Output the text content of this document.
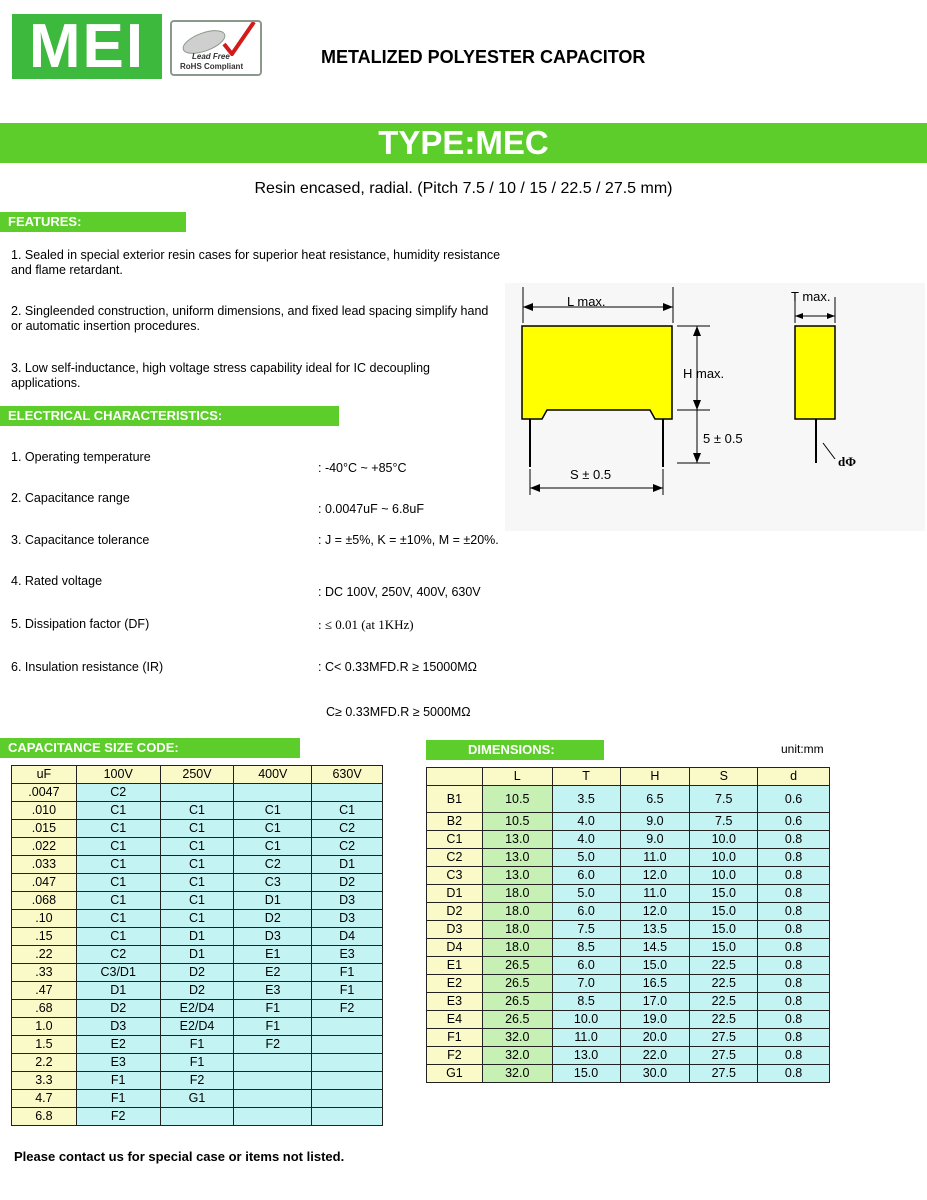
MEI	Lead Free
RoHS Compliant	METALIZED POLYESTER CAPACITOR
TYPE:MEC
Resin encased, radial. (Pitch 7.5 / 10 / 15 / 22.5 / 27.5 mm)
FEATURES:
1. Sealed in special exterior resin cases for superior heat resistance, humidity resistance and flame retardant.
2. Singleended construction, uniform dimensions, and fixed lead spacing simplify hand or automatic insertion procedures.
3. Low self-inductance, high voltage stress capability ideal for IC decoupling applications.
L max.
H max.
5 ± 0.5
S ± 0.5
T max.
dΦ
ELECTRICAL CHARACTERISTICS:
1. Operating temperature
: -40°C ~ +85°C
2. Capacitance range
: 0.0047uF ~ 6.8uF
3. Capacitance tolerance	: J = ±5%, K = ±10%, M = ±20%.
4. Rated voltage
: DC 100V, 250V, 400V, 630V
5. Dissipation factor (DF)	: ≤ 0.01 (at 1KHz)
6. Insulation resistance (IR)	: C< 0.33MFD.R ≥ 15000MΩ
C≥ 0.33MFD.R ≥ 5000MΩ
CAPACITANCE SIZE CODE:
uF	100V	250V	400V	630V
.0047	C2			
.010	C1	C1	C1	C1
.015	C1	C1	C1	C2
.022	C1	C1	C1	C2
.033	C1	C1	C2	D1
.047	C1	C1	C3	D2
.068	C1	C1	D1	D3
.10	C1	C1	D2	D3
.15	C1	D1	D3	D4
.22	C2	D1	E1	E3
.33	C3/D1	D2	E2	F1
.47	D1	D2	E3	F1
.68	D2	E2/D4	F1	F2
1.0	D3	E2/D4	F1	
1.5	E2	F1	F2	
2.2	E3	F1		
3.3	F1	F2		
4.7	F1	G1		
6.8	F2			
DIMENSIONS:	unit:mm
	L	T	H	S	d
B1	10.5	3.5	6.5	7.5	0.6
B2	10.5	4.0	9.0	7.5	0.6
C1	13.0	4.0	9.0	10.0	0.8
C2	13.0	5.0	11.0	10.0	0.8
C3	13.0	6.0	12.0	10.0	0.8
D1	18.0	5.0	11.0	15.0	0.8
D2	18.0	6.0	12.0	15.0	0.8
D3	18.0	7.5	13.5	15.0	0.8
D4	18.0	8.5	14.5	15.0	0.8
E1	26.5	6.0	15.0	22.5	0.8
E2	26.5	7.0	16.5	22.5	0.8
E3	26.5	8.5	17.0	22.5	0.8
E4	26.5	10.0	19.0	22.5	0.8
F1	32.0	11.0	20.0	27.5	0.8
F2	32.0	13.0	22.0	27.5	0.8
G1	32.0	15.0	30.0	27.5	0.8
Please contact us for special case or items not listed.
